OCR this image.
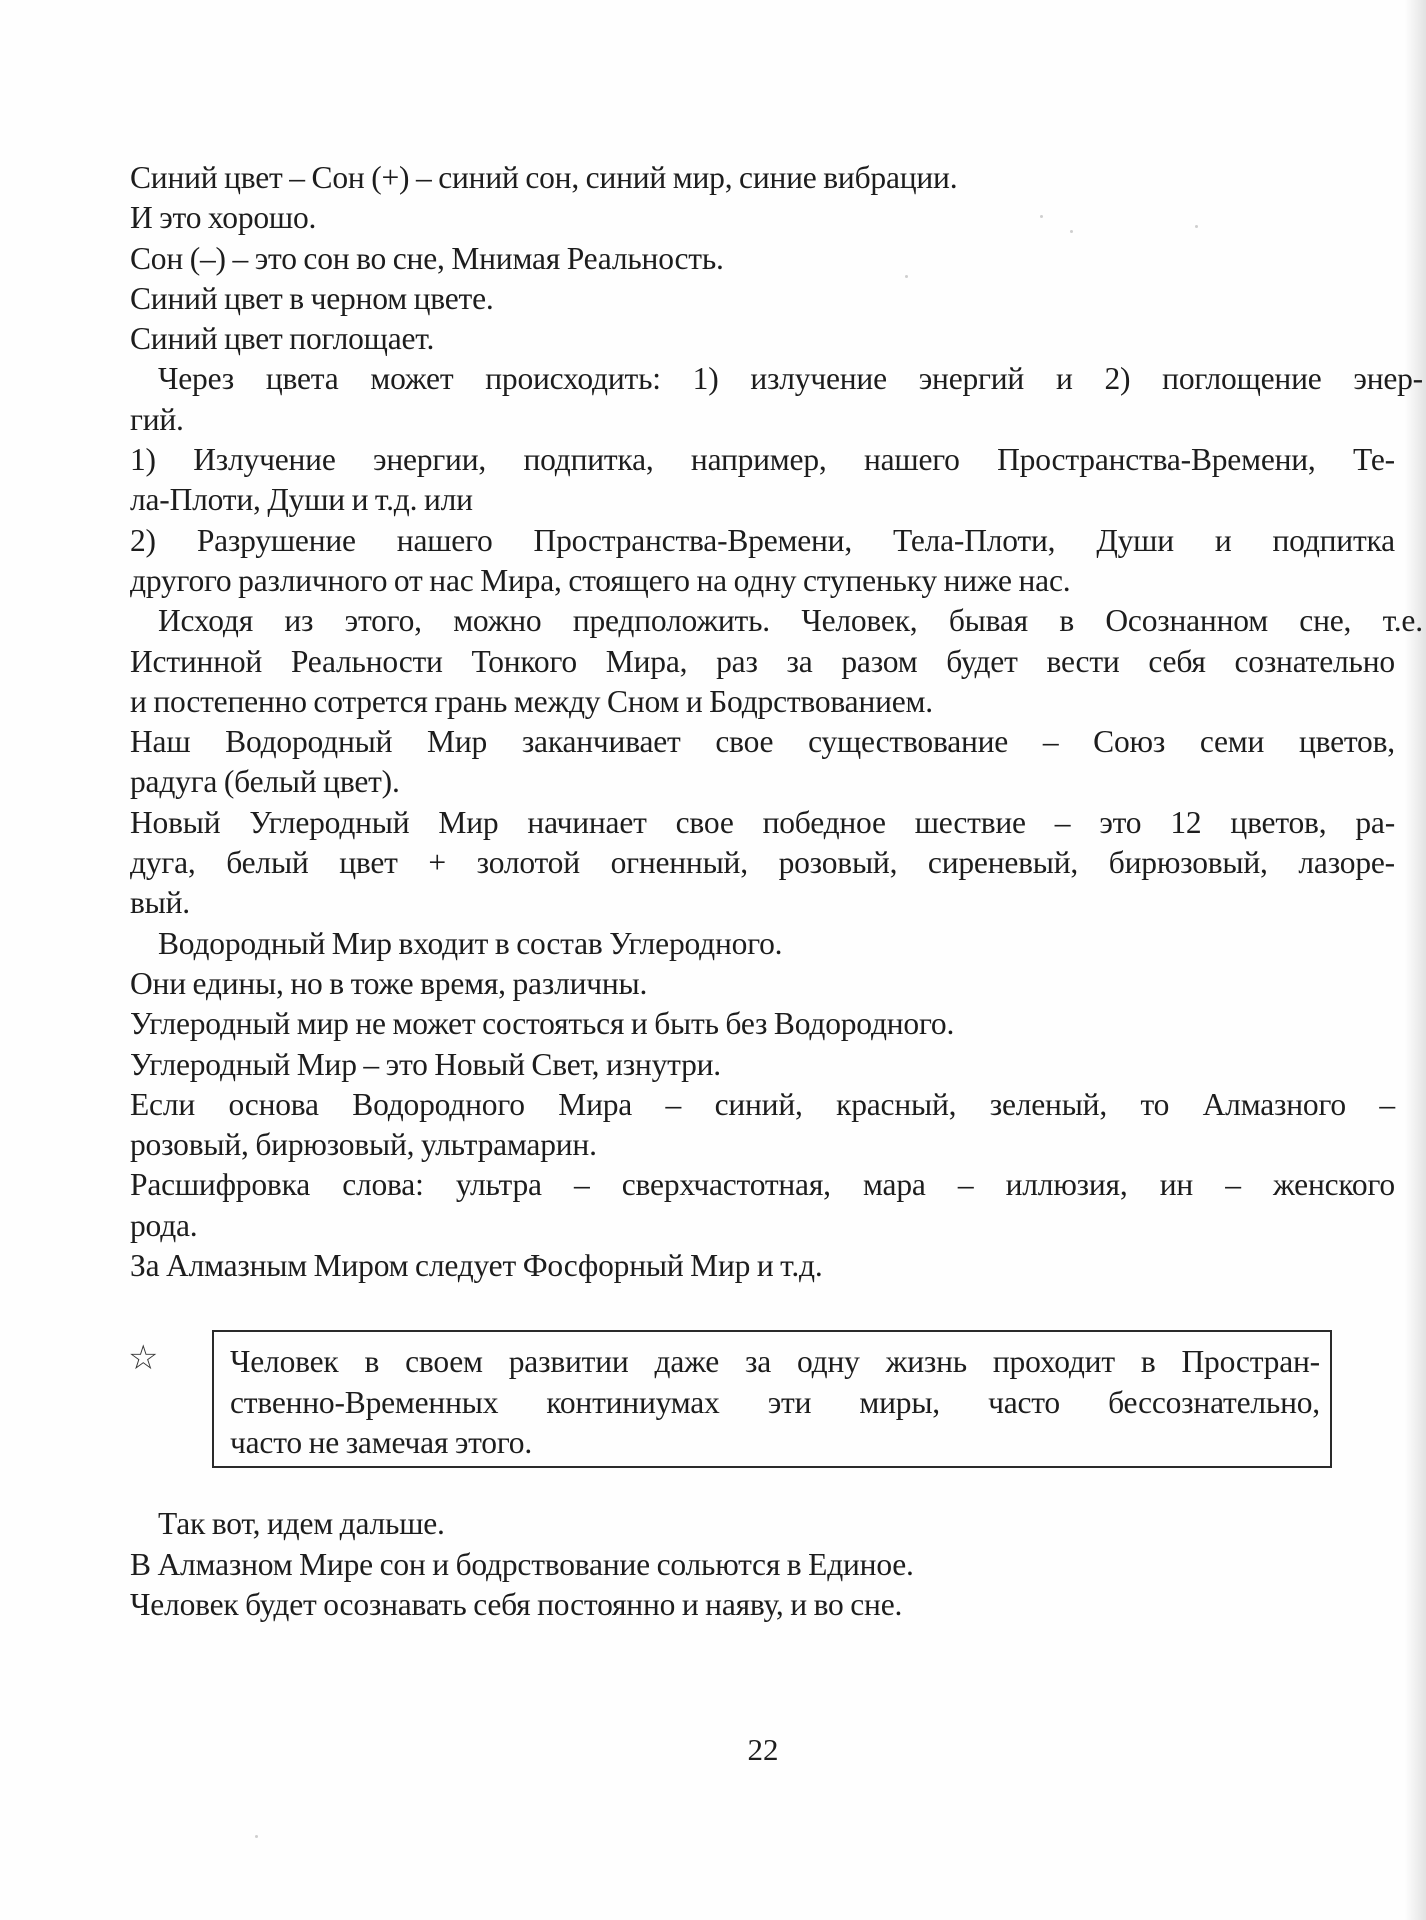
Синий цвет – Сон (+) – синий сон, синий мир, синие вибрации.
И это хорошо.
Сон (–) – это сон во сне, Мнимая Реальность.
Синий цвет в черном цвете.
Синий цвет поглощает.
Через цвета может происходить: 1) излучение энергий и 2) поглощение энер-
гий.
1) Излучение энергии, подпитка, например, нашего Пространства-Времени, Те-
ла-Плоти, Души и т.д. или
2) Разрушение нашего Пространства-Времени, Тела-Плоти, Души и подпитка
другого различного от нас Мира, стоящего на одну ступеньку ниже нас.
Исходя из этого, можно предположить. Человек, бывая в Осознанном сне, т.е.
Истинной Реальности Тонкого Мира, раз за разом будет вести себя сознательно
и постепенно сотрется грань между Сном и Бодрствованием.
Наш Водородный Мир заканчивает свое существование – Союз семи цветов,
радуга (белый цвет).
Новый Углеродный Мир начинает свое победное шествие – это 12 цветов, ра-
дуга, белый цвет + золотой огненный, розовый, сиреневый, бирюзовый, лазоре-
вый.
Водородный Мир входит в состав Углеродного.
Они едины, но в тоже время, различны.
Углеродный мир не может состояться и быть без Водородного.
Углеродный Мир – это Новый Свет, изнутри.
Если основа Водородного Мира – синий, красный, зеленый, то Алмазного –
розовый, бирюзовый, ультрамарин.
Расшифровка слова: ультра – сверхчастотная, мара – иллюзия, ин – женского
рода.
За Алмазным Миром следует Фосфорный Мир и т.д.
☆ Человек в своем развитии даже за одну жизнь проходит в Простран-
ственно-Временных континиумах эти миры, часто бессознательно,
часто не замечая этого.
Так вот, идем дальше.
В Алмазном Мире сон и бодрствование сольются в Единое.
Человек будет осознавать себя постоянно и наяву, и во сне.
22
